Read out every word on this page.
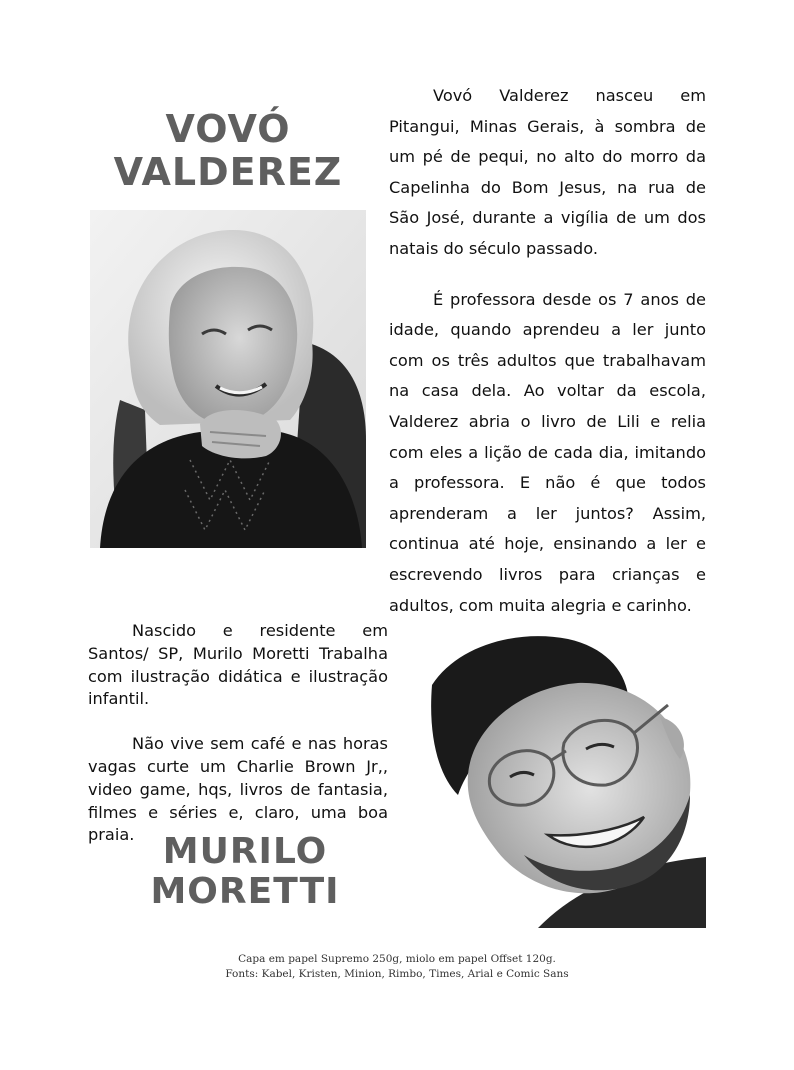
VOVÓ
VALDEREZ

Vovó Valderez nasceu em Pitangui, Minas Gerais, à sombra de um pé de pequi, no alto do morro da Capelinha do Bom Jesus, na rua de São José, durante a vigília de um dos natais do século passado.

É professora desde os 7 anos de idade, quando aprendeu a ler junto com os três adultos que trabalhavam na casa dela. Ao voltar da escola, Valderez abria o livro de Lili e relia com eles a lição de cada dia, imitando a professora. E não é que todos aprenderam a ler juntos? Assim, continua até hoje, ensinando a ler e escrevendo livros para crianças e adultos, com muita alegria e carinho.

Nascido e residente em Santos/ SP, Murilo Moretti Trabalha com ilustração didática e ilustração infantil.

Não vive sem café e nas horas vagas curte um Charlie Brown Jr,, video game, hqs, livros de fantasia, filmes e séries e, claro, uma boa praia. MURILO
MORETTI
Capa em papel Supremo 250g, miolo em papel Offset 120g.
Fonts: Kabel, Kristen, Minion, Rimbo, Times, Arial e Comic Sans
